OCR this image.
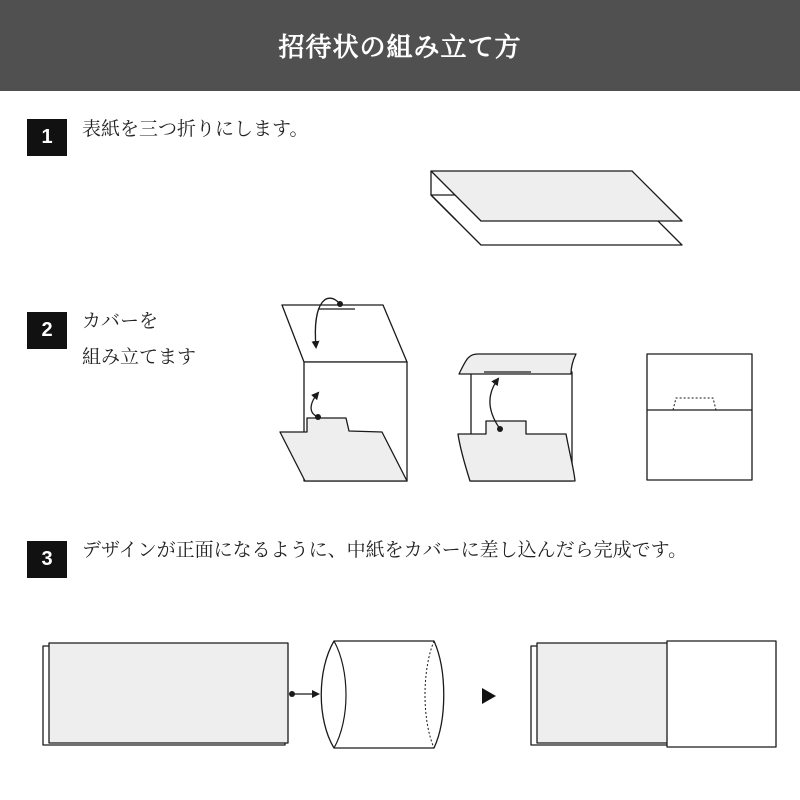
招待状の組み立て方
1	表紙を三つ折りにします。
2	カバーを
組み立てます
3	デザインが正面になるように、中紙をカバーに差し込んだら完成です。
